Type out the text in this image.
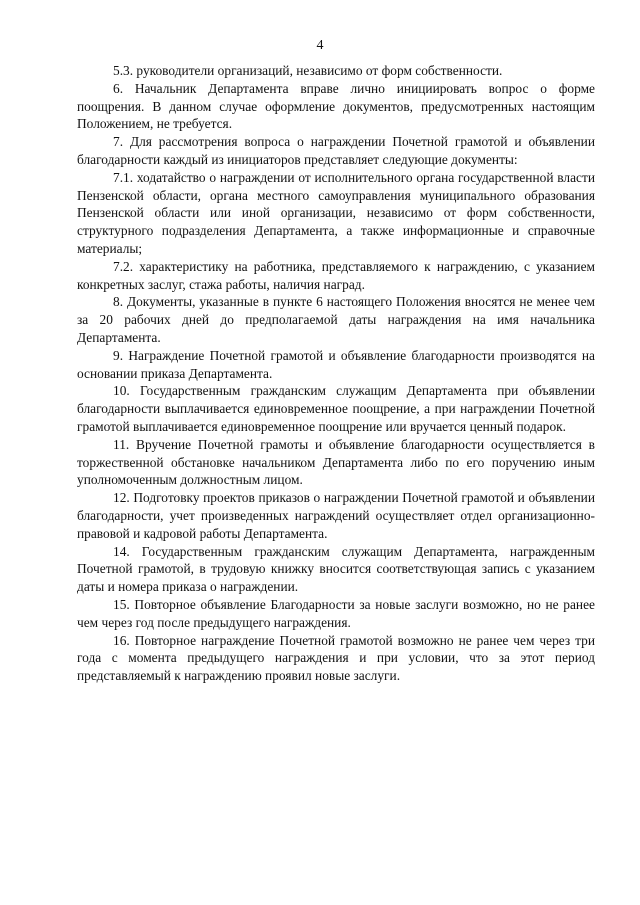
4

5.3. руководители организаций, независимо от форм собственности.

6. Начальник Департамента вправе лично инициировать вопрос о форме поощрения. В данном случае оформление документов, предусмотренных настоящим Положением, не требуется.

7. Для рассмотрения вопроса о награждении Почетной грамотой и объявлении благодарности каждый из инициаторов представляет следующие документы:

7.1. ходатайство о награждении от исполнительного органа государственной власти Пензенской области, органа местного самоуправления муниципального образования Пензенской области или иной организации, независимо от форм собственности, структурного подразделения Департамента, а также информационные и справочные материалы;

7.2. характеристику на работника, представляемого к награждению, с указанием конкретных заслуг, стажа работы, наличия наград.

8. Документы, указанные в пункте 6 настоящего Положения вносятся не менее чем за 20 рабочих дней до предполагаемой даты награждения на имя начальника Департамента.

9. Награждение Почетной грамотой и объявление благодарности производятся на основании приказа Департамента.

10. Государственным гражданским служащим Департамента при объявлении благодарности выплачивается единовременное поощрение, а при награждении Почетной грамотой выплачивается единовременное поощрение или вручается ценный подарок.

11. Вручение Почетной грамоты и объявление благодарности осуществляется в торжественной обстановке начальником Департамента либо по его поручению иным уполномоченным должностным лицом.

12. Подготовку проектов приказов о награждении Почетной грамотой и объявлении благодарности, учет произведенных награждений осуществляет отдел организационно-правовой и кадровой работы Департамента.

14. Государственным гражданским служащим Департамента, награжденным Почетной грамотой, в трудовую книжку вносится соответствующая запись с указанием даты и номера приказа о награждении.

15. Повторное объявление Благодарности за новые заслуги возможно, но не ранее чем через год после предыдущего награждения.

16. Повторное награждение Почетной грамотой возможно не ранее чем через три года с момента предыдущего награждения и при условии, что за этот период представляемый к награждению проявил новые заслуги.
